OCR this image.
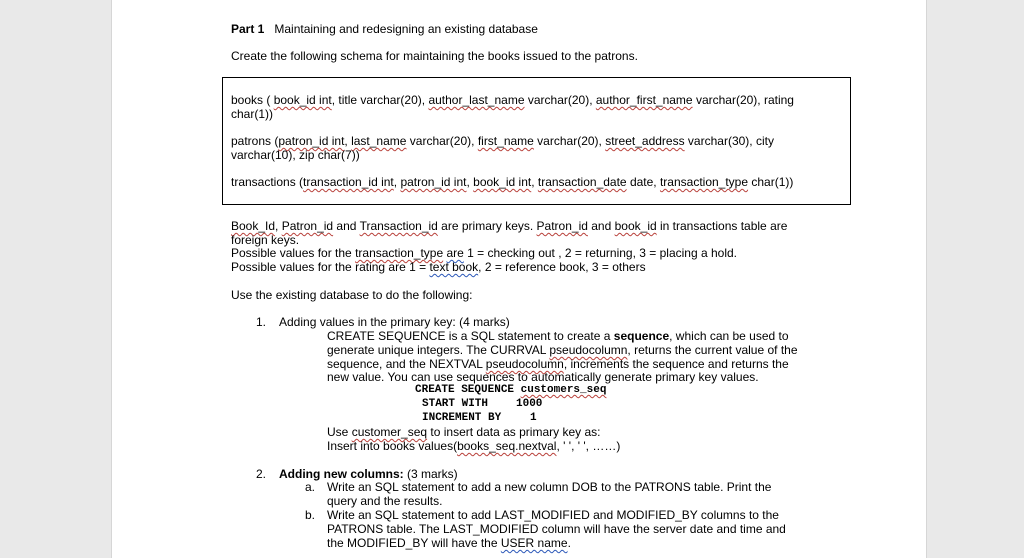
Part 1 Maintaining and redesigning an existing database
Create the following schema for maintaining the books issued to the patrons.
books ( book_id int, title varchar(20), author_last_name varchar(20), author_first_name varchar(20), rating
char(1))
patrons (patron_id int, last_name varchar(20), first_name varchar(20), street_address varchar(30), city
varchar(10), zip char(7))
transactions (transaction_id int, patron_id int, book_id int, transaction_date date, transaction_type char(1))
Book_Id, Patron_id and Transaction_id are primary keys. Patron_id and book_id in transactions table are
foreign keys.
Possible values for the transaction_type are 1 = checking out , 2 = returning, 3 = placing a hold.
Possible values for the rating are 1 = text book, 2 = reference book, 3 = others
Use the existing database to do the following:
1. Adding values in the primary key: (4 marks)
CREATE SEQUENCE is a SQL statement to create a sequence, which can be used to
generate unique integers. The CURRVAL pseudocolumn, returns the current value of the
sequence, and the NEXTVAL pseudocolumn, increments the sequence and returns the
new value. You can use sequences to automatically generate primary key values.
CREATE SEQUENCE customers_seq
START WITH	1000
INCREMENT BY	1
Use customer_seq to insert data as primary key as:
Insert into books values(books_seq.nextval, ' ', ' ', ……)
2. Adding new columns: (3 marks)
a. Write an SQL statement to add a new column DOB to the PATRONS table. Print the
query and the results.
b. Write an SQL statement to add LAST_MODIFIED and MODIFIED_BY columns to the
PATRONS table. The LAST_MODIFIED column will have the server date and time and
the MODIFIED_BY will have the USER name.
